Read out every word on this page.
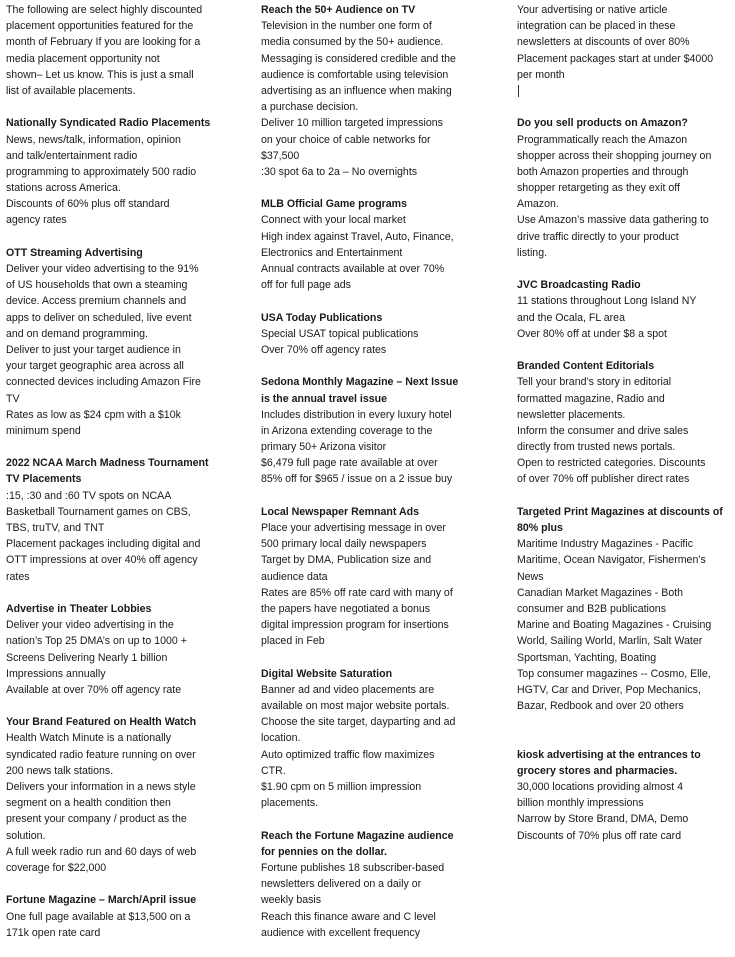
The following are select highly discounted
placement opportunities featured for the
month of February If you are looking for a
media placement opportunity not
shown– Let us know. This is just a small
list of available placements.
Nationally Syndicated Radio Placements
News, news/talk, information, opinion
and talk/entertainment radio
programming to approximately 500 radio
stations across America.
Discounts of 60% plus off standard
agency rates
OTT Streaming Advertising
Deliver your video advertising to the 91%
of US households that own a steaming
device. Access premium channels and
apps to deliver on scheduled, live event
and on demand programming.
Deliver to just your target audience in
your target geographic area across all
connected devices including Amazon Fire
TV
Rates as low as $24 cpm with a $10k
minimum spend
2022 NCAA March Madness Tournament
TV Placements
:15, :30 and :60 TV spots on NCAA
Basketball Tournament games on CBS,
TBS, truTV, and TNT
Placement packages including digital and
OTT impressions at over 40% off agency
rates
Advertise in Theater Lobbies
Deliver your video advertising in the
nation’s Top 25 DMA’s on up to 1000 +
Screens Delivering Nearly 1 billion
Impressions annually
Available at over 70% off agency rate
Your Brand Featured on Health Watch
Health Watch Minute is a nationally
syndicated radio feature running on over
200 news talk stations.
Delivers your information in a news style
segment on a health condition then
present your company / product as the
solution.
A full week radio run and 60 days of web
coverage for $22,000
Fortune Magazine – March/April issue
One full page available at $13,500 on a
171k open rate card
Reach the 50+ Audience on TV
Television in the number one form of
media consumed by the 50+ audience.
Messaging is considered credible and the
audience is comfortable using television
advertising as an influence when making
a purchase decision.
Deliver 10 million targeted impressions
on your choice of cable networks for
$37,500
:30 spot 6a to 2a – No overnights
MLB Official Game programs
Connect with your local market
High index against Travel, Auto, Finance,
Electronics and Entertainment
Annual contracts available at over 70%
off for full page ads
USA Today Publications
Special USAT topical publications
Over 70% off agency rates
Sedona Monthly Magazine – Next Issue
is the annual travel issue
Includes distribution in every luxury hotel
in Arizona extending coverage to the
primary 50+ Arizona visitor
$6,479 full page rate available at over
85% off for $965 / issue on a 2 issue buy
Local Newspaper Remnant Ads
Place your advertising message in over
500 primary local daily newspapers
Target by DMA, Publication size and
audience data
Rates are 85% off rate card with many of
the papers have negotiated a bonus
digital impression program for insertions
placed in Feb
Digital Website Saturation
Banner ad and video placements are
available on most major website portals.
Choose the site target, dayparting and ad
location.
Auto optimized traffic flow maximizes
CTR.
$1.90 cpm on 5 million impression
placements.
Reach the Fortune Magazine audience
for pennies on the dollar.
Fortune publishes 18 subscriber-based
newsletters delivered on a daily or
weekly basis
Reach this finance aware and C level
audience with excellent frequency
Your advertising or native article
integration can be placed in these
newsletters at discounts of over 80%
Placement packages start at under $4000
per month
Do you sell products on Amazon?
Programmatically reach the Amazon
shopper across their shopping journey on
both Amazon properties and through
shopper retargeting as they exit off
Amazon.
Use Amazon’s massive data gathering to
drive traffic directly to your product
listing.
JVC Broadcasting Radio
11 stations throughout Long Island NY
and the Ocala, FL area
Over 80% off at under $8 a spot
Branded Content Editorials
Tell your brand’s story in editorial
formatted magazine, Radio and
newsletter placements.
Inform the consumer and drive sales
directly from trusted news portals.
Open to restricted categories. Discounts
of over 70% off publisher direct rates
Targeted Print Magazines at discounts of
80% plus
Maritime Industry Magazines - Pacific
Maritime, Ocean Navigator, Fishermen’s
News
Canadian Market Magazines - Both
consumer and B2B publications
Marine and Boating Magazines - Cruising
World, Sailing World, Marlin, Salt Water
Sportsman, Yachting, Boating
Top consumer magazines -- Cosmo, Elle,
HGTV, Car and Driver, Pop Mechanics,
Bazar, Redbook and over 20 others
kiosk advertising at the entrances to
grocery stores and pharmacies.
30,000 locations providing almost 4
billion monthly impressions
Narrow by Store Brand, DMA, Demo
Discounts of 70% plus off rate card
